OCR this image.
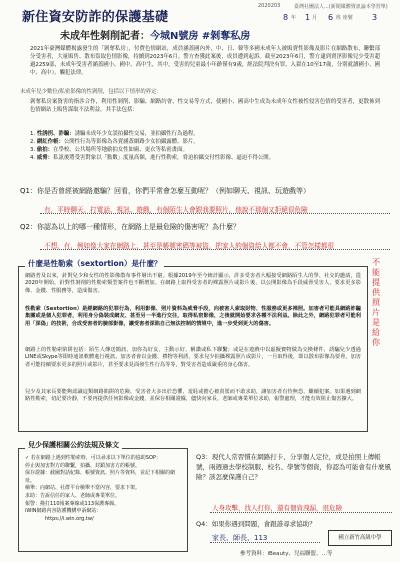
2020203	臺灣社團法人...(新聞媒體資訊論本學習單)
8 年 1 月 6 班 座號 3
新住資安防詐的保護基礎
未成年性剝削記者：今城N號房 #剝奪私房
2021年臺灣媒體揭露發生的「剝奪私房」，付費色情網站，成員涵蓋國內外，中、日、韓等多國未成年人被販賣性影像及影片在網路散布，聯繫部分受害者，大量販售、散布盜取色情影像，持續到2023年6月。警方查獲此案後，成員遭到起訴。截至2023年6月，警方逮到賣淫影像兒少受害超過2259部，未成年受害者涵蓋國小、國中、高中生，其中，受害的兒童最小年齡僅有9歲，經法院判決有罪，入獄在10至17歲，分別就讀國小、國中、高中）。觸犯法律。
未成年兒少數位/私密影像的性剝削，包括以下情形的界定：
剝奪私房案資害的指涉合作，利用性剝削、影騙、網路約會、性交易等方式，使國小、國高中生成為未成年女性被性侵害色情的受害者，更散佈到色情網站上販售謀取不法利益。其手法包括：
1. 性誘拐、詐騙：誘騙未成年少女誤拍攝性交易，並拍攝性行為過程。
2. 網紅作帳：公開性行為等影像為各賣涵蓋網路少女拍攝露體、影片。
3. 偷拍：在學校、公共場所等地偷拍女性如廁、更衣等私密畫面。
4. 威脅：私訊後將受害對象以「點數」度量高額，進行性勒索，脅迫拍攝交付性影像、逼迫不得公開。
Q1：你是否曾經被網路邀騙？回看，你們平常會怎麼互動呢？（例如聊天、視訊、玩遊戲等）
有，平時聊天、打電話、視訊、遊戲，有個陌生人會跟我要照片，他說不那個又拒絕很危險
Q2：你認為以上的哪一種情形，在網路上是最危險的傷害呢？為什麼？
不想，有，例如像大家在網路上，甚至是帳號密碼等被盜，把家人的個資給人都不會，不管怎樣都很
什麼是性勒索（sextortion）是什麼？
網路普及以來，針對兒少和女性的性影像散布事件層出不窮。根據2019年至今統計顯示，許多受害者大幅接受網路陌生人的學、社交的邀請，從2020年開始，針對性剝削的性勒索類型案件也不斷增加。在網路上取得受害者的裸露照片或影片後，以公開影像為手段威脅受害人，要求更多影像、金錢、性服務等，造成傷害。
性勒索（Sextortion）是經網路的犯罪行為，利用影像、照片資料為威脅手段，向被害人索取財物、性服務或更多裸照。加害者可能具網路詐騙集團或是個人犯罪者，利用身分偽裝成網友、甚至另一半進行交往，取得私密影像，之後就開始要求各種不法利益。除此之外，網路犯罪者可能利用「深偽」的技術，合成受害者的臉部影像，讓受害者深陷自己無法控制的情境中，進一步受到更大的傷害。
網路上的性勒索陷阱包括：陌生人傳送簡訊、加你為好友、主動示好、稱讚或私下聯繫；或是在遊戲中以虛擬寶物做為交換條件，誘騙兒少透過LINE或Skype等即時通訊軟體進行視訊。加害者會以金錢、禮物等利誘，要求兒少拍攝裸露照片或影片，一旦取得後，即以散布影像為要脅，加害者可能持續要求更多的照片或影片，甚至要求見面發生性行為等等，對受害者造成嚴重的身心傷害。
兒少及其家長要能夠認識這類網路陷阱的危險。受害者大多出於恐懼、羞恥或擔心被責罵而不敢求助，讓加害者有恃無恐、繼續犯案。如果遇到網路性勒索，切記要冷靜，不要再提供任何影像或金錢，並保存相關證據，儘快向家長、老師或專業單位求助，報警處理，才能有效阻止傷害擴大。
不能提供照片是給你
兒少保護相關公約法規及條文
✓ 若在網路上遇到性勒索時，可以尋求以下單位的協助SOP：
停止與加害對方的聯繫，拍攝、封鎖加害方的帳號。
保存證據：截圖對話紀錄、帳號資訊、照片等資料，並記下相關的網址。
檢舉：向網站、社群平台檢舉不當內容，要求下架。
求助：告訴信任的家人、老師或專業單位。
報警：撥打110報案專線或113保護專線。
iWIN網路內容防護機構申訴網站：
https://i.win.org.tw/
Q3：現代人常習慣在網路打卡、分享個人定位，或是拍照上傳帳號，兩週過去學校制服、校名、學號等個資，你認為可能會有什麼風險？該怎麼保護自己？
人身攻擊，找人打你，還有個資洩漏，很危險
Q4：如果你遇到問題，會跟誰尋求協助？
家長、師長、113	國立新竹高級中學
參考資料：iBeauty、兒福聯盟、…等
